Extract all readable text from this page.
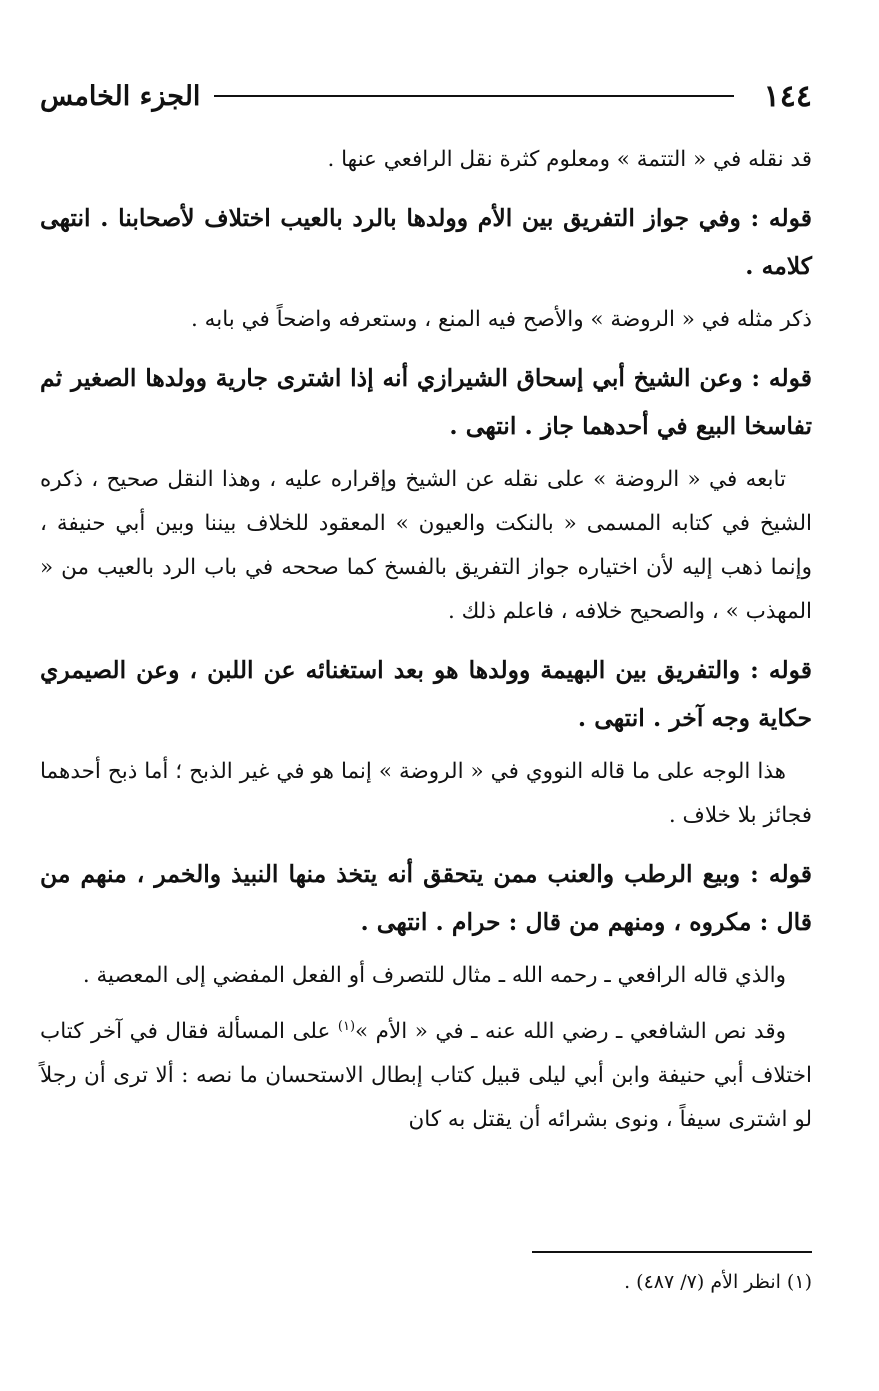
١٤٤
الجزء الخامس

قد نقله في « التتمة » ومعلوم كثرة نقل الرافعي عنها .

قوله : وفي جواز التفريق بين الأم وولدها بالرد بالعيب اختلاف لأصحابنا . انتهى كلامه .

ذكر مثله في « الروضة » والأصح فيه المنع ، وستعرفه واضحاً في بابه .

قوله : وعن الشيخ أبي إسحاق الشيرازي أنه إذا اشترى جارية وولدها الصغير ثم تفاسخا البيع في أحدهما جاز . انتهى .

تابعه في « الروضة » على نقله عن الشيخ وإقراره عليه ، وهذا النقل صحيح ، ذكره الشيخ في كتابه المسمى « بالنكت والعيون » المعقود للخلاف بيننا وبين أبي حنيفة ، وإنما ذهب إليه لأن اختياره جواز التفريق بالفسخ كما صححه في باب الرد بالعيب من « المهذب » ، والصحيح خلافه ، فاعلم ذلك .

قوله : والتفريق بين البهيمة وولدها هو بعد استغنائه عن اللبن ، وعن الصيمري حكاية وجه آخر . انتهى .

هذا الوجه على ما قاله النووي في « الروضة » إنما هو في غير الذبح ؛ أما ذبح أحدهما فجائز بلا خلاف .

قوله : وبيع الرطب والعنب ممن يتحقق أنه يتخذ منها النبيذ والخمر ، منهم من قال : مكروه ، ومنهم من قال : حرام . انتهى .

والذي قاله الرافعي ـ رحمه الله ـ مثال للتصرف أو الفعل المفضي إلى المعصية .

وقد نص الشافعي ـ رضي الله عنه ـ في « الأم »$^{(١)}$ على المسألة فقال في آخر كتاب اختلاف أبي حنيفة وابن أبي ليلى قبيل كتاب إبطال الاستحسان ما نصه : ألا ترى أن رجلاً لو اشترى سيفاً ، ونوى بشرائه أن يقتل به كان

(١) انظر الأم (٧/ ٤٨٧) .
